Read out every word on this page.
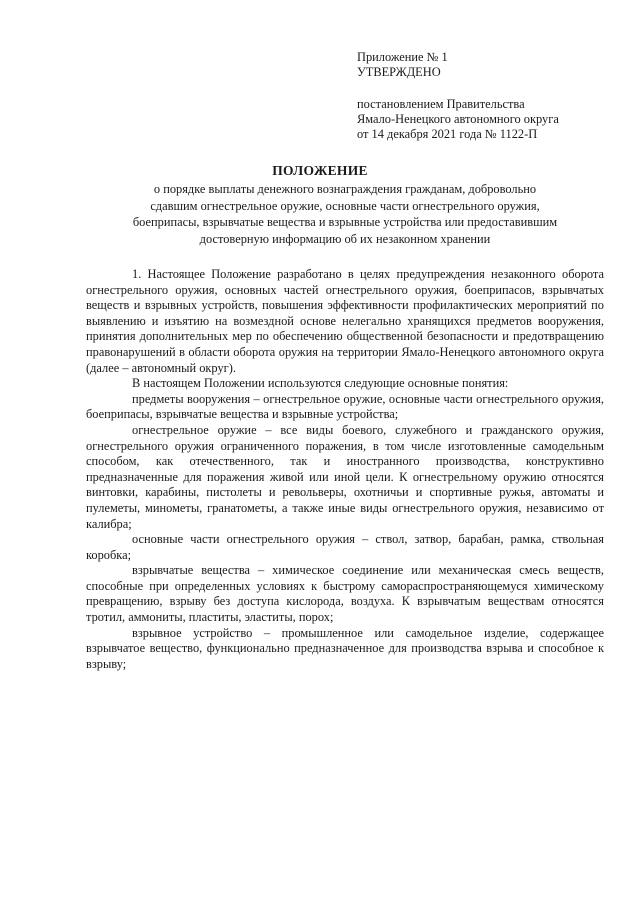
Приложение № 1
УТВЕРЖДЕНО
постановлением Правительства
Ямало-Ненецкого автономного округа
от 14 декабря 2021 года № 1122-П
ПОЛОЖЕНИЕ
о порядке выплаты денежного вознаграждения гражданам, добровольно
сдавшим огнестрельное оружие, основные части огнестрельного оружия,
боеприпасы, взрывчатые вещества и взрывные устройства или предоставившим
достоверную информацию об их незаконном хранении

1. Настоящее Положение разработано в целях предупреждения незаконного оборота огнестрельного оружия, основных частей огнестрельного оружия, боеприпасов, взрывчатых веществ и взрывных устройств, повышения эффективности профилактических мероприятий по выявлению и изъятию на возмездной основе нелегально хранящихся предметов вооружения, принятия дополнительных мер по обеспечению общественной безопасности и предотвращению правонарушений в области оборота оружия на территории Ямало-Ненецкого автономного округа (далее – автономный округ).

В настоящем Положении используются следующие основные понятия:

предметы вооружения – огнестрельное оружие, основные части огнестрельного оружия, боеприпасы, взрывчатые вещества и взрывные устройства;

огнестрельное оружие – все виды боевого, служебного и гражданского оружия, огнестрельного оружия ограниченного поражения, в том числе изготовленные самодельным способом, как отечественного, так и иностранного производства, конструктивно предназначенные для поражения живой или иной цели. К огнестрельному оружию относятся винтовки, карабины, пистолеты и револьверы, охотничьи и спортивные ружья, автоматы и пулеметы, минометы, гранатометы, а также иные виды огнестрельного оружия, независимо от калибра;

основные части огнестрельного оружия – ствол, затвор, барабан, рамка, ствольная коробка;

взрывчатые вещества – химическое соединение или механическая смесь веществ, способные при определенных условиях к быстрому самораспространяющемуся химическому превращению, взрыву без доступа кислорода, воздуха. К взрывчатым веществам относятся тротил, аммониты, пластиты, эластиты, порох;

взрывное устройство – промышленное или самодельное изделие, содержащее взрывчатое вещество, функционально предназначенное для производства взрыва и способное к взрыву;
